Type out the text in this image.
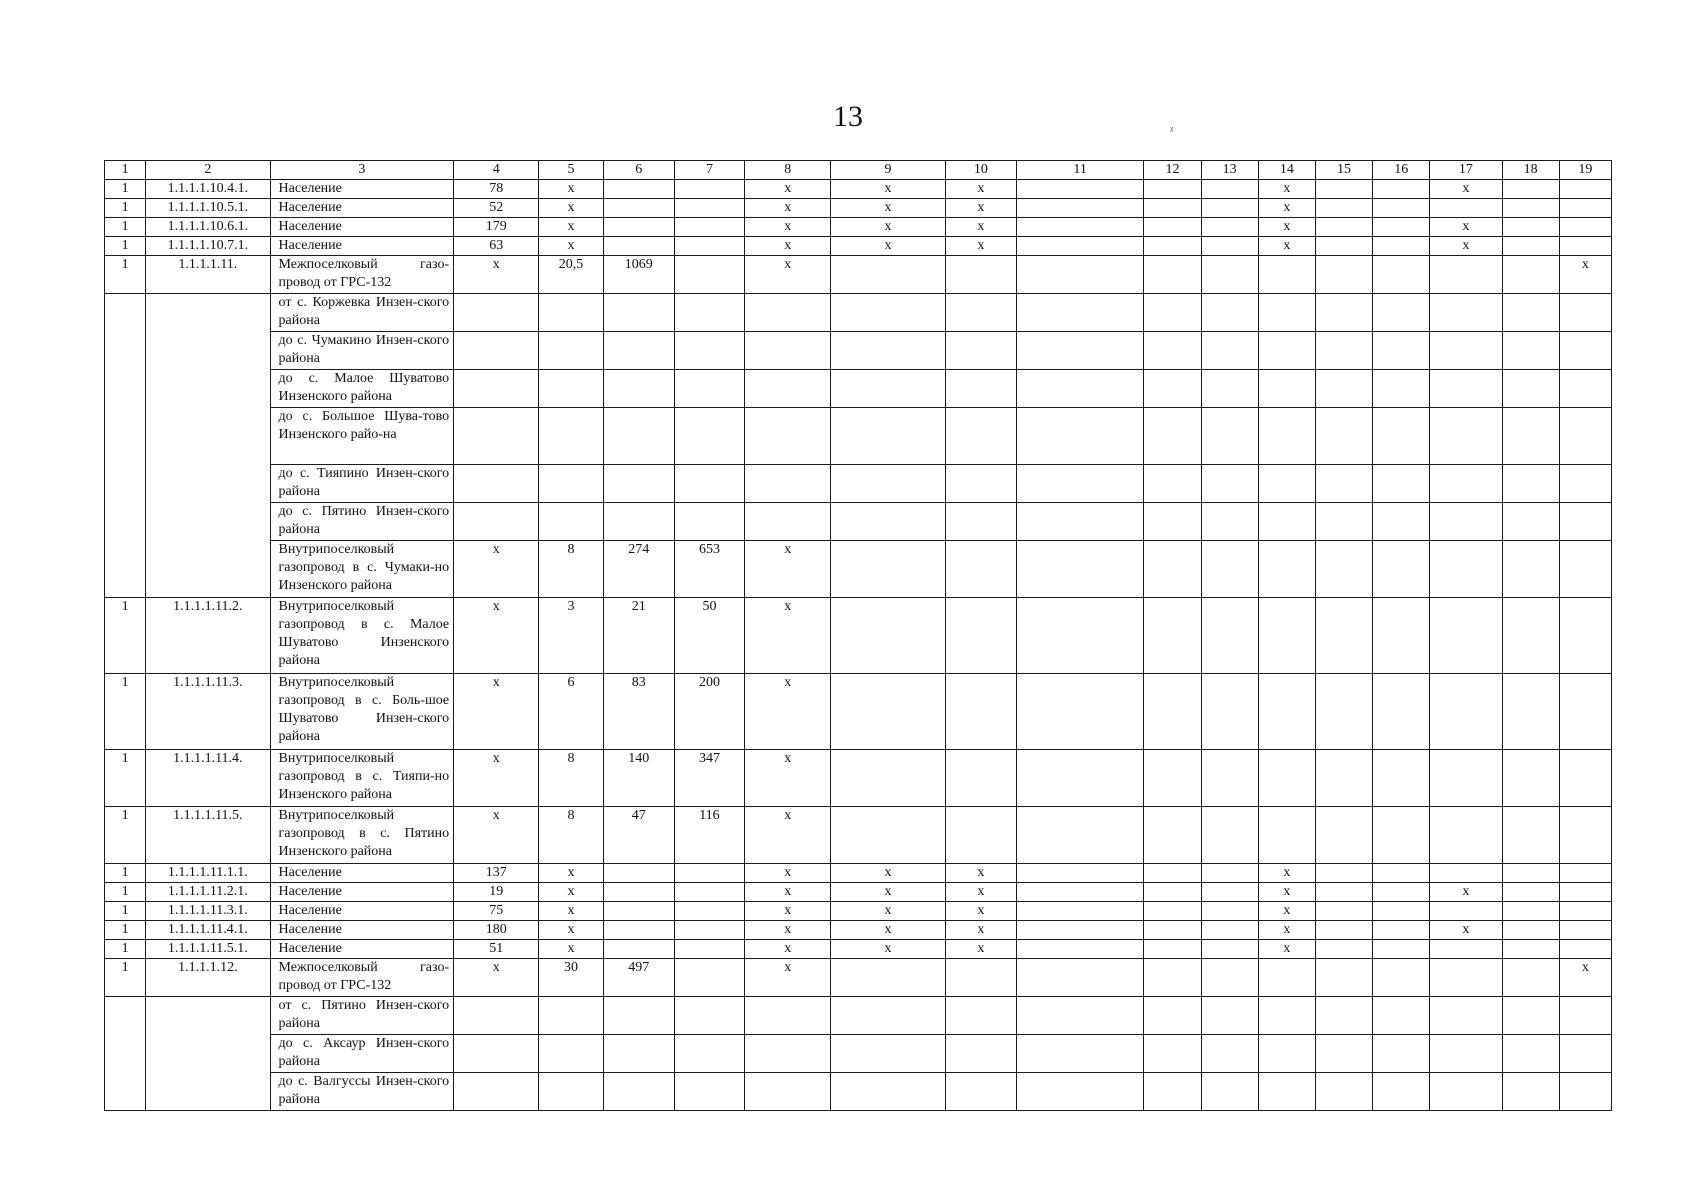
13	ᵡ
1	2	3	4	5	6	7	8	9	10	11	12	13	14	15	16	17	18	19
1	1.1.1.1.10.4.1.	Население	78	х			х	х	х				х			х		
1	1.1.1.1.10.5.1.	Население	52	х			х	х	х				х					
1	1.1.1.1.10.6.1.	Население	179	х			х	х	х				х			х		
1	1.1.1.1.10.7.1.	Население	63	х			х	х	х				х			х		
1	1.1.1.1.11.	Межпоселковый газо-провод от ГРС-132	х	20,5	1069		х											х
		от с. Коржевка Инзен-ского района																
		до с. Чумакино Инзен-ского района																
		до с. Малое Шуватово Инзенского района																
		до с. Большое Шува-тово Инзенского райо-на																
		до с. Тияпино Инзен-ского района																
		до с. Пятино Инзен-ского района																
		Внутрипоселковый газопровод в с. Чумаки-но Инзенского района	х	8	274	653	х											
1	1.1.1.1.11.2.	Внутрипоселковый газопровод в с. Малое Шуватово Инзенского района	х	3	21	50	х											
1	1.1.1.1.11.3.	Внутрипоселковый газопровод в с. Боль-шое Шуватово Инзен-ского района	х	6	83	200	х											
1	1.1.1.1.11.4.	Внутрипоселковый газопровод в с. Тияпи-но Инзенского района	х	8	140	347	х											
1	1.1.1.1.11.5.	Внутрипоселковый газопровод в с. Пятино Инзенского района	х	8	47	116	х											
1	1.1.1.1.11.1.1.	Население	137	х			х	х	х				х					
1	1.1.1.1.11.2.1.	Население	19	х			х	х	х				х			х		
1	1.1.1.1.11.3.1.	Население	75	х			х	х	х				х					
1	1.1.1.1.11.4.1.	Население	180	х			х	х	х				х			х		
1	1.1.1.1.11.5.1.	Население	51	х			х	х	х				х					
1	1.1.1.1.12.	Межпоселковый газо-провод от ГРС-132	х	30	497		х											х
		от с. Пятино Инзен-ского района																
		до с. Аксаур Инзен-ского района																
		до с. Валгуссы Инзен-ского района																
